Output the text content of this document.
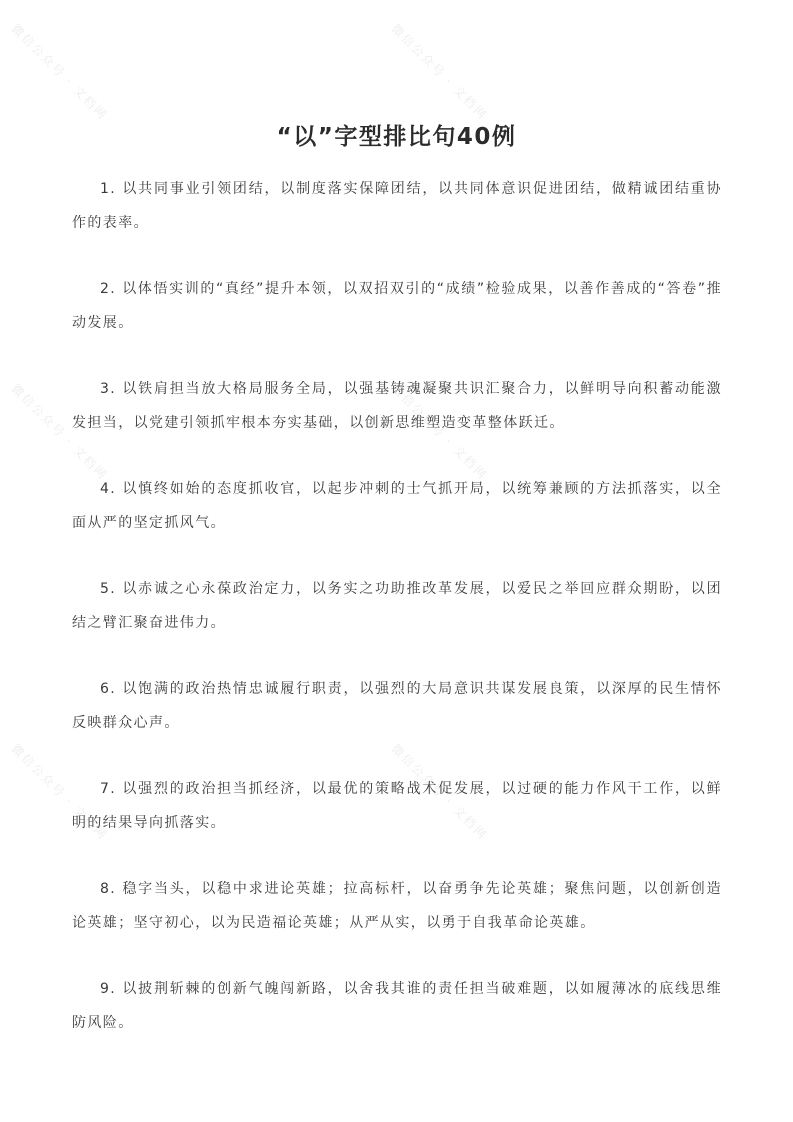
微信公众号 · 文档网	微信公众号 · 文档网
微信公众号 · 文档网	微信公众号 · 文档网
微信公众号 · 文档网	微信公众号 · 文档网
“以”字型排比句40例

1. 以共同事业引领团结，以制度落实保障团结，以共同体意识促进团结，做精诚团结重协作的表率。

2. 以体悟实训的“真经”提升本领，以双招双引的“成绩”检验成果，以善作善成的“答卷”推动发展。

3. 以铁肩担当放大格局服务全局，以强基铸魂凝聚共识汇聚合力，以鲜明导向积蓄动能激发担当，以党建引领抓牢根本夯实基础，以创新思维塑造变革整体跃迁。

4. 以慎终如始的态度抓收官，以起步冲刺的士气抓开局，以统筹兼顾的方法抓落实，以全面从严的坚定抓风气。

5. 以赤诚之心永葆政治定力，以务实之功助推改革发展，以爱民之举回应群众期盼，以团结之臂汇聚奋进伟力。

6. 以饱满的政治热情忠诚履行职责，以强烈的大局意识共谋发展良策，以深厚的民生情怀反映群众心声。

7. 以强烈的政治担当抓经济，以最优的策略战术促发展，以过硬的能力作风干工作，以鲜明的结果导向抓落实。

8. 稳字当头，以稳中求进论英雄；拉高标杆，以奋勇争先论英雄；聚焦问题，以创新创造论英雄；坚守初心，以为民造福论英雄；从严从实，以勇于自我革命论英雄。

9. 以披荆斩棘的创新气魄闯新路，以舍我其谁的责任担当破难题，以如履薄冰的底线思维防风险。
